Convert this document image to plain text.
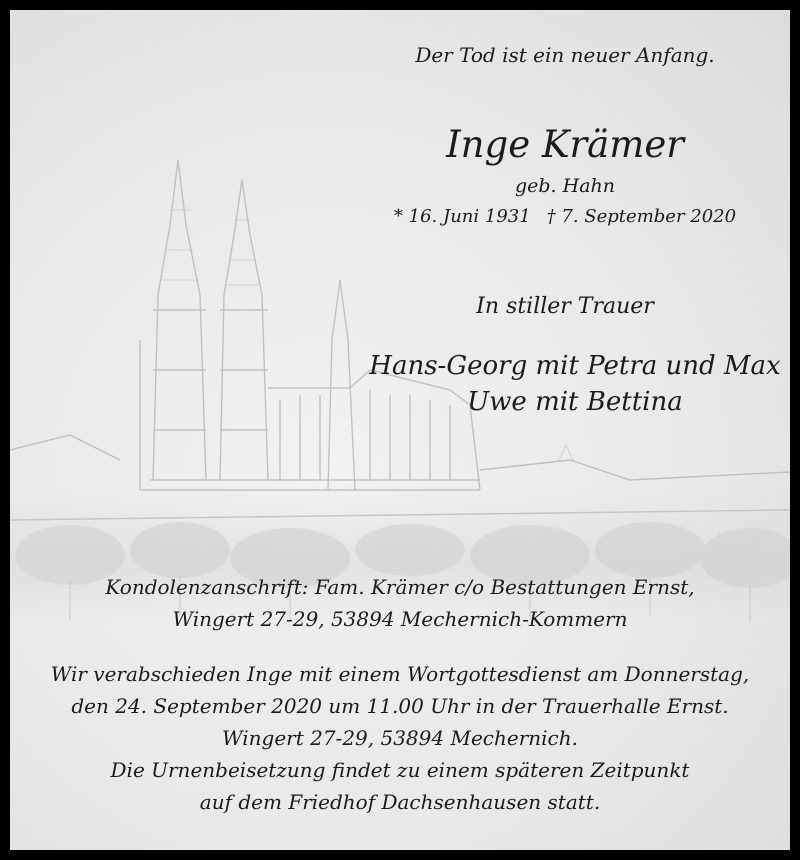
Der Tod ist ein neuer Anfang.
Inge Krämer
geb. Hahn
* 16. Juni 1931 † 7. September 2020
In stiller Trauer
Hans-Georg mit Petra und Max
Uwe mit Bettina
Kondolenzanschrift: Fam. Krämer c/o Bestattungen Ernst,
Wingert 27-29, 53894 Mechernich-Kommern
Wir verabschieden Inge mit einem Wortgottesdienst am Donnerstag,
den 24. September 2020 um 11.00 Uhr in der Trauerhalle Ernst.
Wingert 27-29, 53894 Mechernich.
Die Urnenbeisetzung findet zu einem späteren Zeitpunkt
auf dem Friedhof Dachsenhausen statt.
